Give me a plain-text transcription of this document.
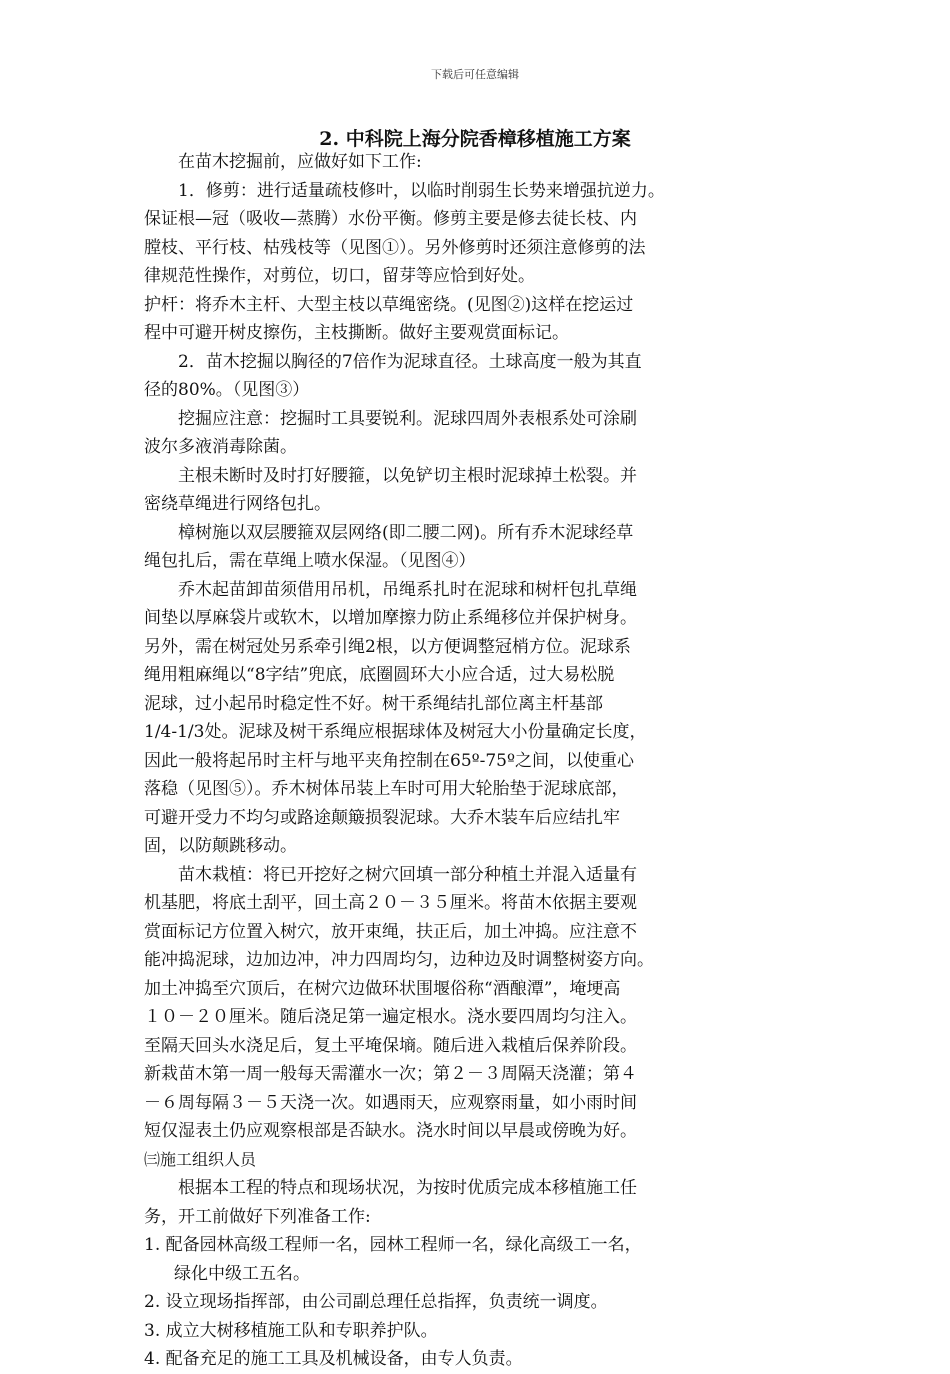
下载后可任意编辑
2. 中科院上海分院香樟移植施工方案
在苗木挖掘前，应做好如下工作:
1．修剪：进行适量疏枝修叶，以临时削弱生长势来增强抗逆力。
保证根—冠（吸收—蒸腾）水份平衡。修剪主要是修去徒长枝、内
膛枝、平行枝、枯残枝等（见图①）。另外修剪时还须注意修剪的法
律规范性操作，对剪位，切口，留芽等应恰到好处。
护杆：将乔木主杆、大型主枝以草绳密绕。(见图②)这样在挖运过
程中可避开树皮擦伤，主枝撕断。做好主要观赏面标记。
2．苗木挖掘以胸径的7倍作为泥球直径。土球高度一般为其直
径的80%。（见图③）
挖掘应注意：挖掘时工具要锐利。泥球四周外表根系处可涂刷
波尔多液消毒除菌。
主根未断时及时打好腰箍，以免铲切主根时泥球掉土松裂。并
密绕草绳进行网络包扎。
樟树施以双层腰箍双层网络(即二腰二网)。所有乔木泥球经草
绳包扎后，需在草绳上喷水保湿。（见图④）
乔木起苗卸苗须借用吊机，吊绳系扎时在泥球和树杆包扎草绳
间垫以厚麻袋片或软木，以增加摩擦力防止系绳移位并保护树身。
另外，需在树冠处另系牵引绳2根，以方便调整冠梢方位。泥球系
绳用粗麻绳以“8字结”兜底，底圈圆环大小应合适，过大易松脱
泥球，过小起吊时稳定性不好。树干系绳结扎部位离主杆基部
1/4-1/3处。泥球及树干系绳应根据球体及树冠大小份量确定长度，
因此一般将起吊时主杆与地平夹角控制在65º-75º之间，以使重心
落稳（见图⑤）。乔木树体吊装上车时可用大轮胎垫于泥球底部，
可避开受力不均匀或路途颠簸损裂泥球。大乔木装车后应结扎牢
固，以防颠跳移动。
苗木栽植：将已开挖好之树穴回填一部分种植土并混入适量有
机基肥，将底土刮平，回土高２０－３５厘米。将苗木依据主要观
赏面标记方位置入树穴，放开束绳，扶正后，加土冲捣。应注意不
能冲捣泥球，边加边冲，冲力四周均匀，边种边及时调整树姿方向。
加土冲捣至穴顶后，在树穴边做环状围堰俗称“酒酿潭”，埯埂高
１０－２０厘米。随后浇足第一遍定根水。浇水要四周均匀注入。
至隔天回头水浇足后，复土平埯保墒。随后进入栽植后保养阶段。
新栽苗木第一周一般每天需灌水一次；第２－３周隔天浇灌；第４
－６周每隔３－５天浇一次。如遇雨天，应观察雨量，如小雨时间
短仅湿表土仍应观察根部是否缺水。浇水时间以早晨或傍晚为好。
㈢施工组织人员
根据本工程的特点和现场状况，为按时优质完成本移植施工任
务，开工前做好下列准备工作:
1. 配备园林高级工程师一名，园林工程师一名，绿化高级工一名，
绿化中级工五名。
2. 设立现场指挥部，由公司副总理任总指挥，负责统一调度。
3. 成立大树移植施工队和专职养护队。
4. 配备充足的施工工具及机械设备，由专人负责。
